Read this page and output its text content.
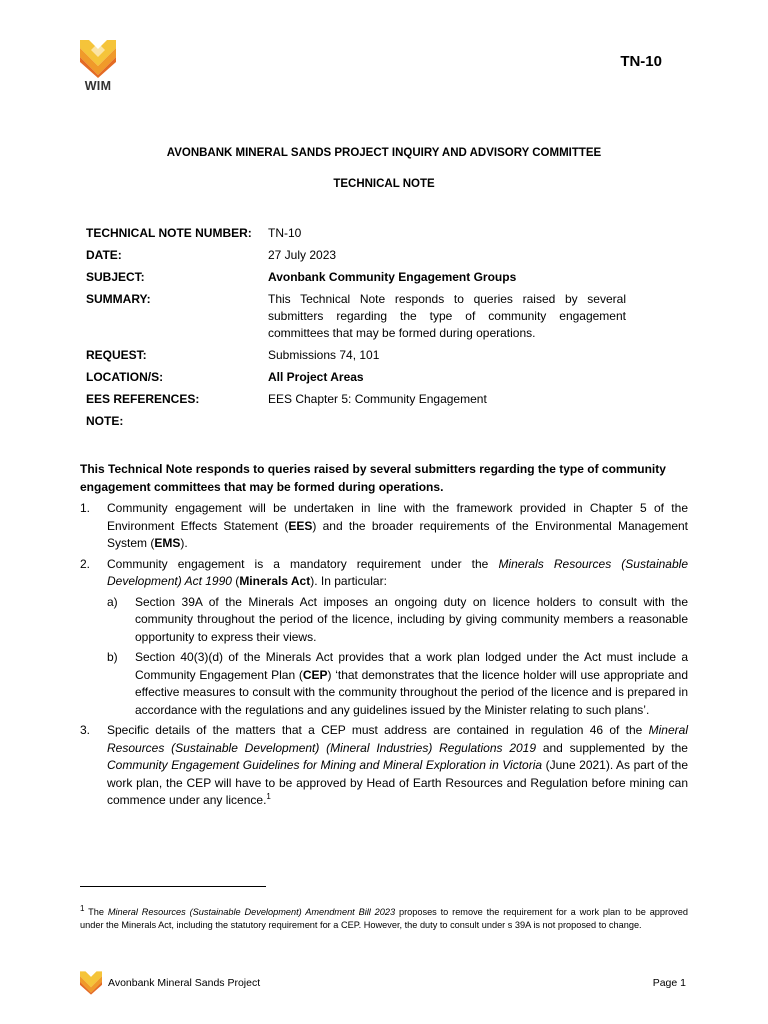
WIM
TN-10
AVONBANK MINERAL SANDS PROJECT INQUIRY AND ADVISORY COMMITTEE
TECHNICAL NOTE
TECHNICAL NOTE NUMBER:	TN-10
DATE:	27 July 2023
SUBJECT:	Avonbank Community Engagement Groups
SUMMARY:	This Technical Note responds to queries raised by several submitters regarding the type of community engagement committees that may be formed during operations.
REQUEST:	Submissions 74, 101
LOCATION/S:	All Project Areas
EES REFERENCES:	EES Chapter 5: Community Engagement
NOTE:

This Technical Note responds to queries raised by several submitters regarding the type of community engagement committees that may be formed during operations.

1.	Community engagement will be undertaken in line with the framework provided in Chapter 5 of the Environment Effects Statement (EES) and the broader requirements of the Environmental Management System (EMS).
2.	Community engagement is a mandatory requirement under the Minerals Resources (Sustainable Development) Act 1990 (Minerals Act). In particular:
a)	Section 39A of the Minerals Act imposes an ongoing duty on licence holders to consult with the community throughout the period of the licence, including by giving community members a reasonable opportunity to express their views.
b)	Section 40(3)(d) of the Minerals Act provides that a work plan lodged under the Act must include a Community Engagement Plan (CEP) ‘that demonstrates that the licence holder will use appropriate and effective measures to consult with the community throughout the period of the licence and is prepared in accordance with the regulations and any guidelines issued by the Minister relating to such plans’.
3.	Specific details of the matters that a CEP must address are contained in regulation 46 of the Mineral Resources (Sustainable Development) (Mineral Industries) Regulations 2019 and supplemented by the Community Engagement Guidelines for Mining and Mineral Exploration in Victoria (June 2021). As part of the work plan, the CEP will have to be approved by Head of Earth Resources and Regulation before mining can commence under any licence.$^1$
$^1$ The Mineral Resources (Sustainable Development) Amendment Bill 2023 proposes to remove the requirement for a work plan to be approved under the Minerals Act, including the statutory requirement for a CEP. However, the duty to consult under s 39A is not proposed to change.
Avonbank Mineral Sands Project	Page 1
